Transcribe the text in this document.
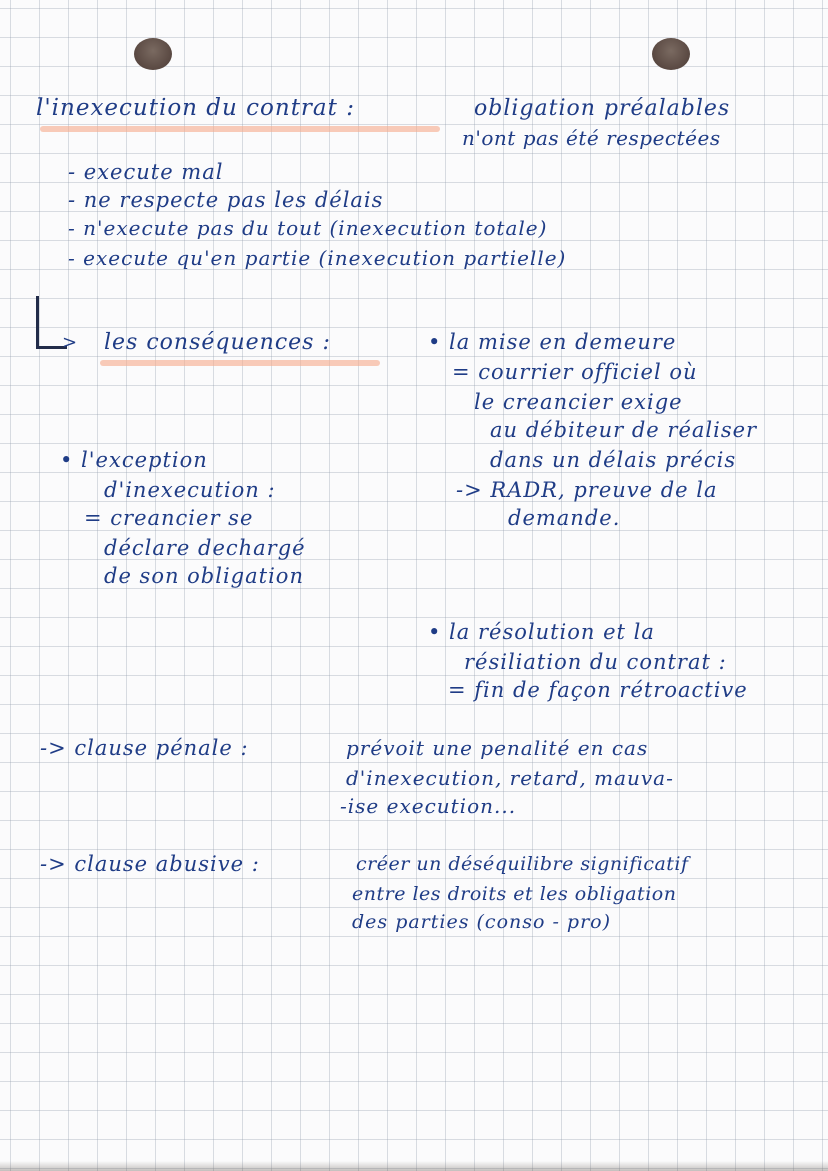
l'inexecution du contrat :	obligation préalables
n'ont pas été respectées
- execute mal
- ne respecte pas les délais
- n'execute pas du tout (inexecution totale)
- execute qu'en partie (inexecution partielle)
> les conséquences :	• la mise en demeure
= courrier officiel où
le creancier exige
au débiteur de réaliser
dans un délais précis
-> RADR, preuve de la
demande.
• l'exception
d'inexecution :
= creancier se
déclare dechargé
de son obligation
• la résolution et la
résiliation du contrat :
= fin de façon rétroactive
-> clause pénale :	prévoit une penalité en cas
d'inexecution, retard, mauva-
-ise execution...
-> clause abusive :	créer un déséquilibre significatif
entre les droits et les obligation
des parties (conso - pro)
